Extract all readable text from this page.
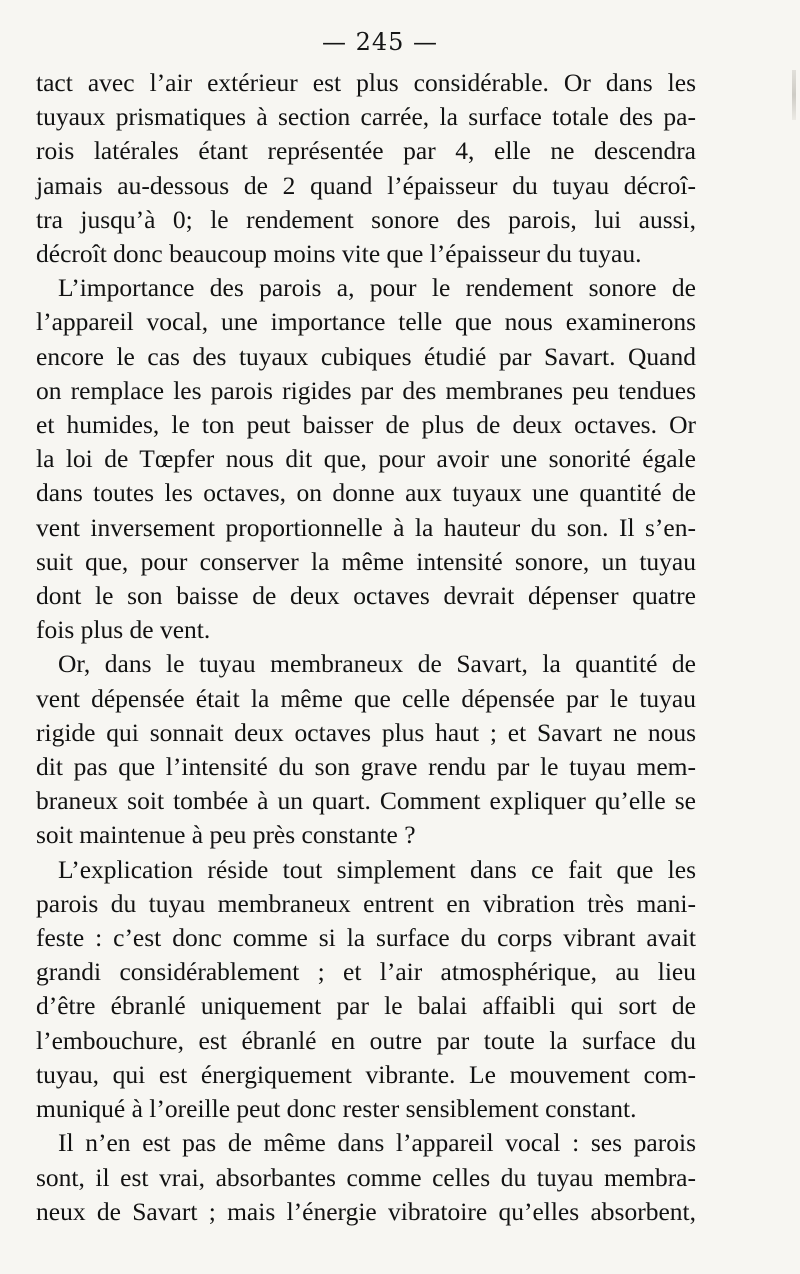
— 245 —
tact avec l’air extérieur est plus considérable. Or dans les
tuyaux prismatiques à section carrée, la surface totale des pa-
rois latérales étant représentée par 4, elle ne descendra
jamais au-dessous de 2 quand l’épaisseur du tuyau décroî-
tra jusqu’à 0; le rendement sonore des parois, lui aussi,
décroît donc beaucoup moins vite que l’épaisseur du tuyau.
L’importance des parois a, pour le rendement sonore de
l’appareil vocal, une importance telle que nous examinerons
encore le cas des tuyaux cubiques étudié par Savart. Quand
on remplace les parois rigides par des membranes peu tendues
et humides, le ton peut baisser de plus de deux octaves. Or
la loi de Tœpfer nous dit que, pour avoir une sonorité égale
dans toutes les octaves, on donne aux tuyaux une quantité de
vent inversement proportionnelle à la hauteur du son. Il s’en-
suit que, pour conserver la même intensité sonore, un tuyau
dont le son baisse de deux octaves devrait dépenser quatre
fois plus de vent.
Or, dans le tuyau membraneux de Savart, la quantité de
vent dépensée était la même que celle dépensée par le tuyau
rigide qui sonnait deux octaves plus haut ; et Savart ne nous
dit pas que l’intensité du son grave rendu par le tuyau mem-
braneux soit tombée à un quart. Comment expliquer qu’elle se
soit maintenue à peu près constante ?
L’explication réside tout simplement dans ce fait que les
parois du tuyau membraneux entrent en vibration très mani-
feste : c’est donc comme si la surface du corps vibrant avait
grandi considérablement ; et l’air atmosphérique, au lieu
d’être ébranlé uniquement par le balai affaibli qui sort de
l’embouchure, est ébranlé en outre par toute la surface du
tuyau, qui est énergiquement vibrante. Le mouvement com-
muniqué à l’oreille peut donc rester sensiblement constant.
Il n’en est pas de même dans l’appareil vocal : ses parois
sont, il est vrai, absorbantes comme celles du tuyau membra-
neux de Savart ; mais l’énergie vibratoire qu’elles absorbent,
